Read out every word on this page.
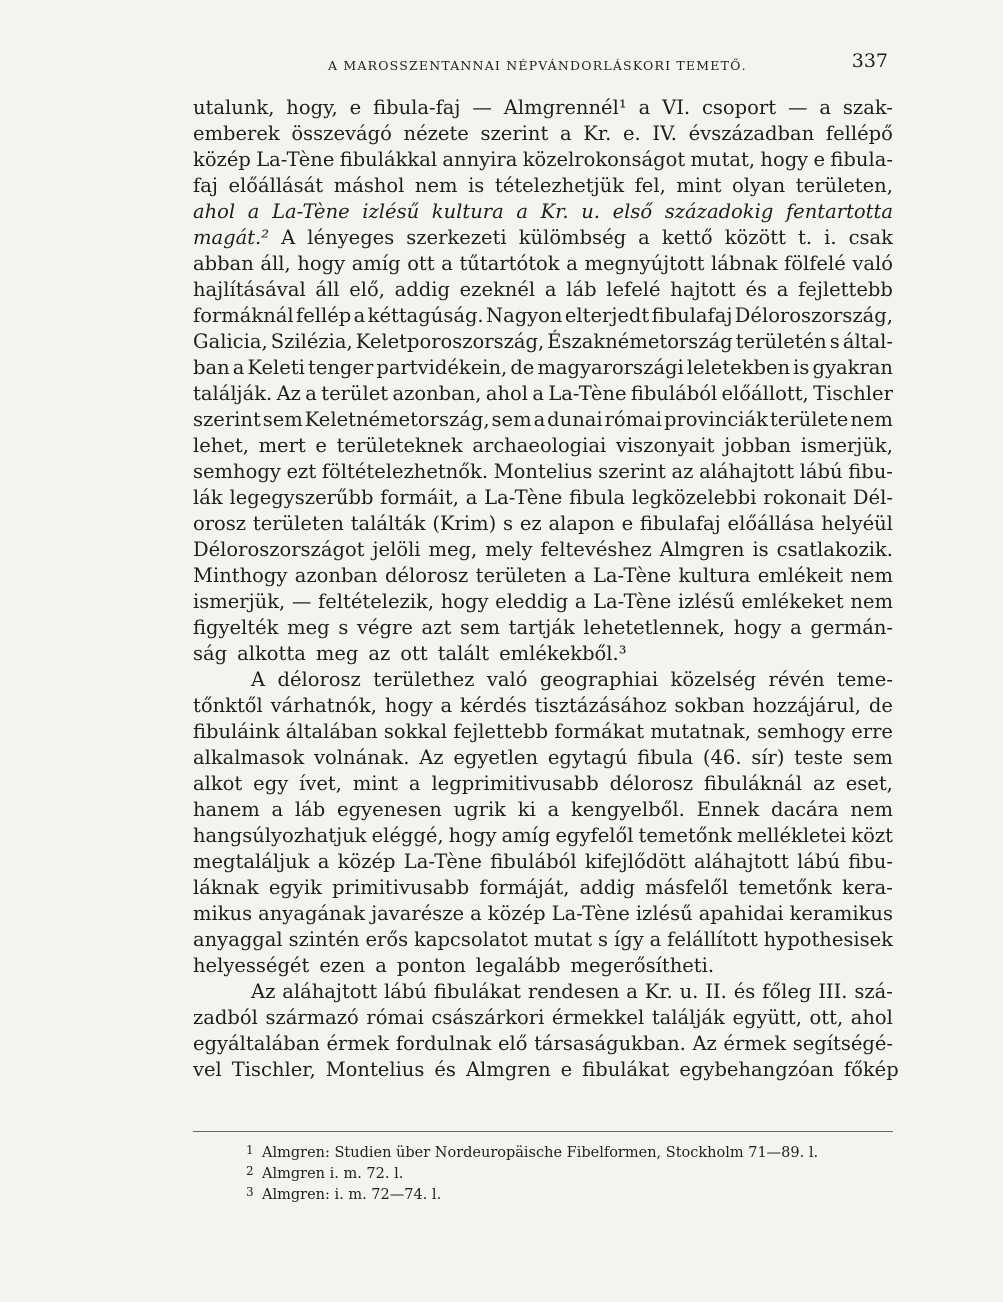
A MAROSSZENTANNAI NÉPVÁNDORLÁSKORI TEMETŐ.	337
utalunk, hogy, e fibula-faj — Almgrennél¹ a VI. csoport — a szak-
emberek összevágó nézete szerint a Kr. e. IV. évszázadban fellépő
közép La-Tène fibulákkal annyira közelrokonságot mutat, hogy e fibula-
faj előállását máshol nem is tételezhetjük fel, mint olyan területen,
ahol a La-Tène izlésű kultura a Kr. u. első századokig fentartotta
magát.² A lényeges szerkezeti külömbség a kettő között t. i. csak
abban áll, hogy amíg ott a tűtartótok a megnyújtott lábnak fölfelé való
hajlításával áll elő, addig ezeknél a láb lefelé hajtott és a fejlettebb
formáknál fellép a kéttagúság. Nagyon elterjedt fibulafaj Déloroszország,
Galicia, Szilézia, Keletporoszország, Északnémetország területén s által-
ban a Keleti tenger partvidékein, de magyarországi leletekben is gyakran
találják. Az a terület azonban, ahol a La-Tène fibulából előállott, Tischler
szerint sem Keletnémetország, sem a dunai római provinciák területe nem
lehet, mert e területeknek archaeologiai viszonyait jobban ismerjük,
semhogy ezt föltételezhetnők. Montelius szerint az aláhajtott lábú fibu-
lák legegyszerűbb formáit, a La-Tène fibula legközelebbi rokonait Dél-
orosz területen találták (Krim) s ez alapon e fibulafaj előállása helyéül
Déloroszországot jelöli meg, mely feltevéshez Almgren is csatlakozik.
Minthogy azonban délorosz területen a La-Tène kultura emlékeit nem
ismerjük, — feltételezik, hogy eleddig a La-Tène izlésű emlékeket nem
figyelték meg s végre azt sem tartják lehetetlennek, hogy a germán-
ság alkotta meg az ott talált emlékekből.³
A délorosz területhez való geographiai közelség révén teme-
tőnktől várhatnók, hogy a kérdés tisztázásához sokban hozzájárul, de
fibuláink általában sokkal fejlettebb formákat mutatnak, semhogy erre
alkalmasok volnának. Az egyetlen egytagú fibula (46. sír) teste sem
alkot egy ívet, mint a legprimitivusabb délorosz fibuláknál az eset,
hanem a láb egyenesen ugrik ki a kengyelből. Ennek dacára nem
hangsúlyozhatjuk eléggé, hogy amíg egyfelől temetőnk mellékletei közt
megtaláljuk a közép La-Tène fibulából kifejlődött aláhajtott lábú fibu-
láknak egyik primitivusabb formáját, addig másfelől temetőnk kera-
mikus anyagának javarésze a közép La-Tène izlésű apahidai keramikus
anyaggal szintén erős kapcsolatot mutat s így a felállított hypothesisek
helyességét ezen a ponton legalább megerősítheti.
Az aláhajtott lábú fibulákat rendesen a Kr. u. II. és főleg III. szá-
zadból származó római császárkori érmekkel találják együtt, ott, ahol
egyáltalában érmek fordulnak elő társaságukban. Az érmek segítségé-
vel Tischler, Montelius és Almgren e fibulákat egybehangzóan főkép
1 Almgren: Studien über Nordeuropäische Fibelformen, Stockholm 71—89. l.
2 Almgren i. m. 72. l.
3 Almgren: i. m. 72—74. l.
